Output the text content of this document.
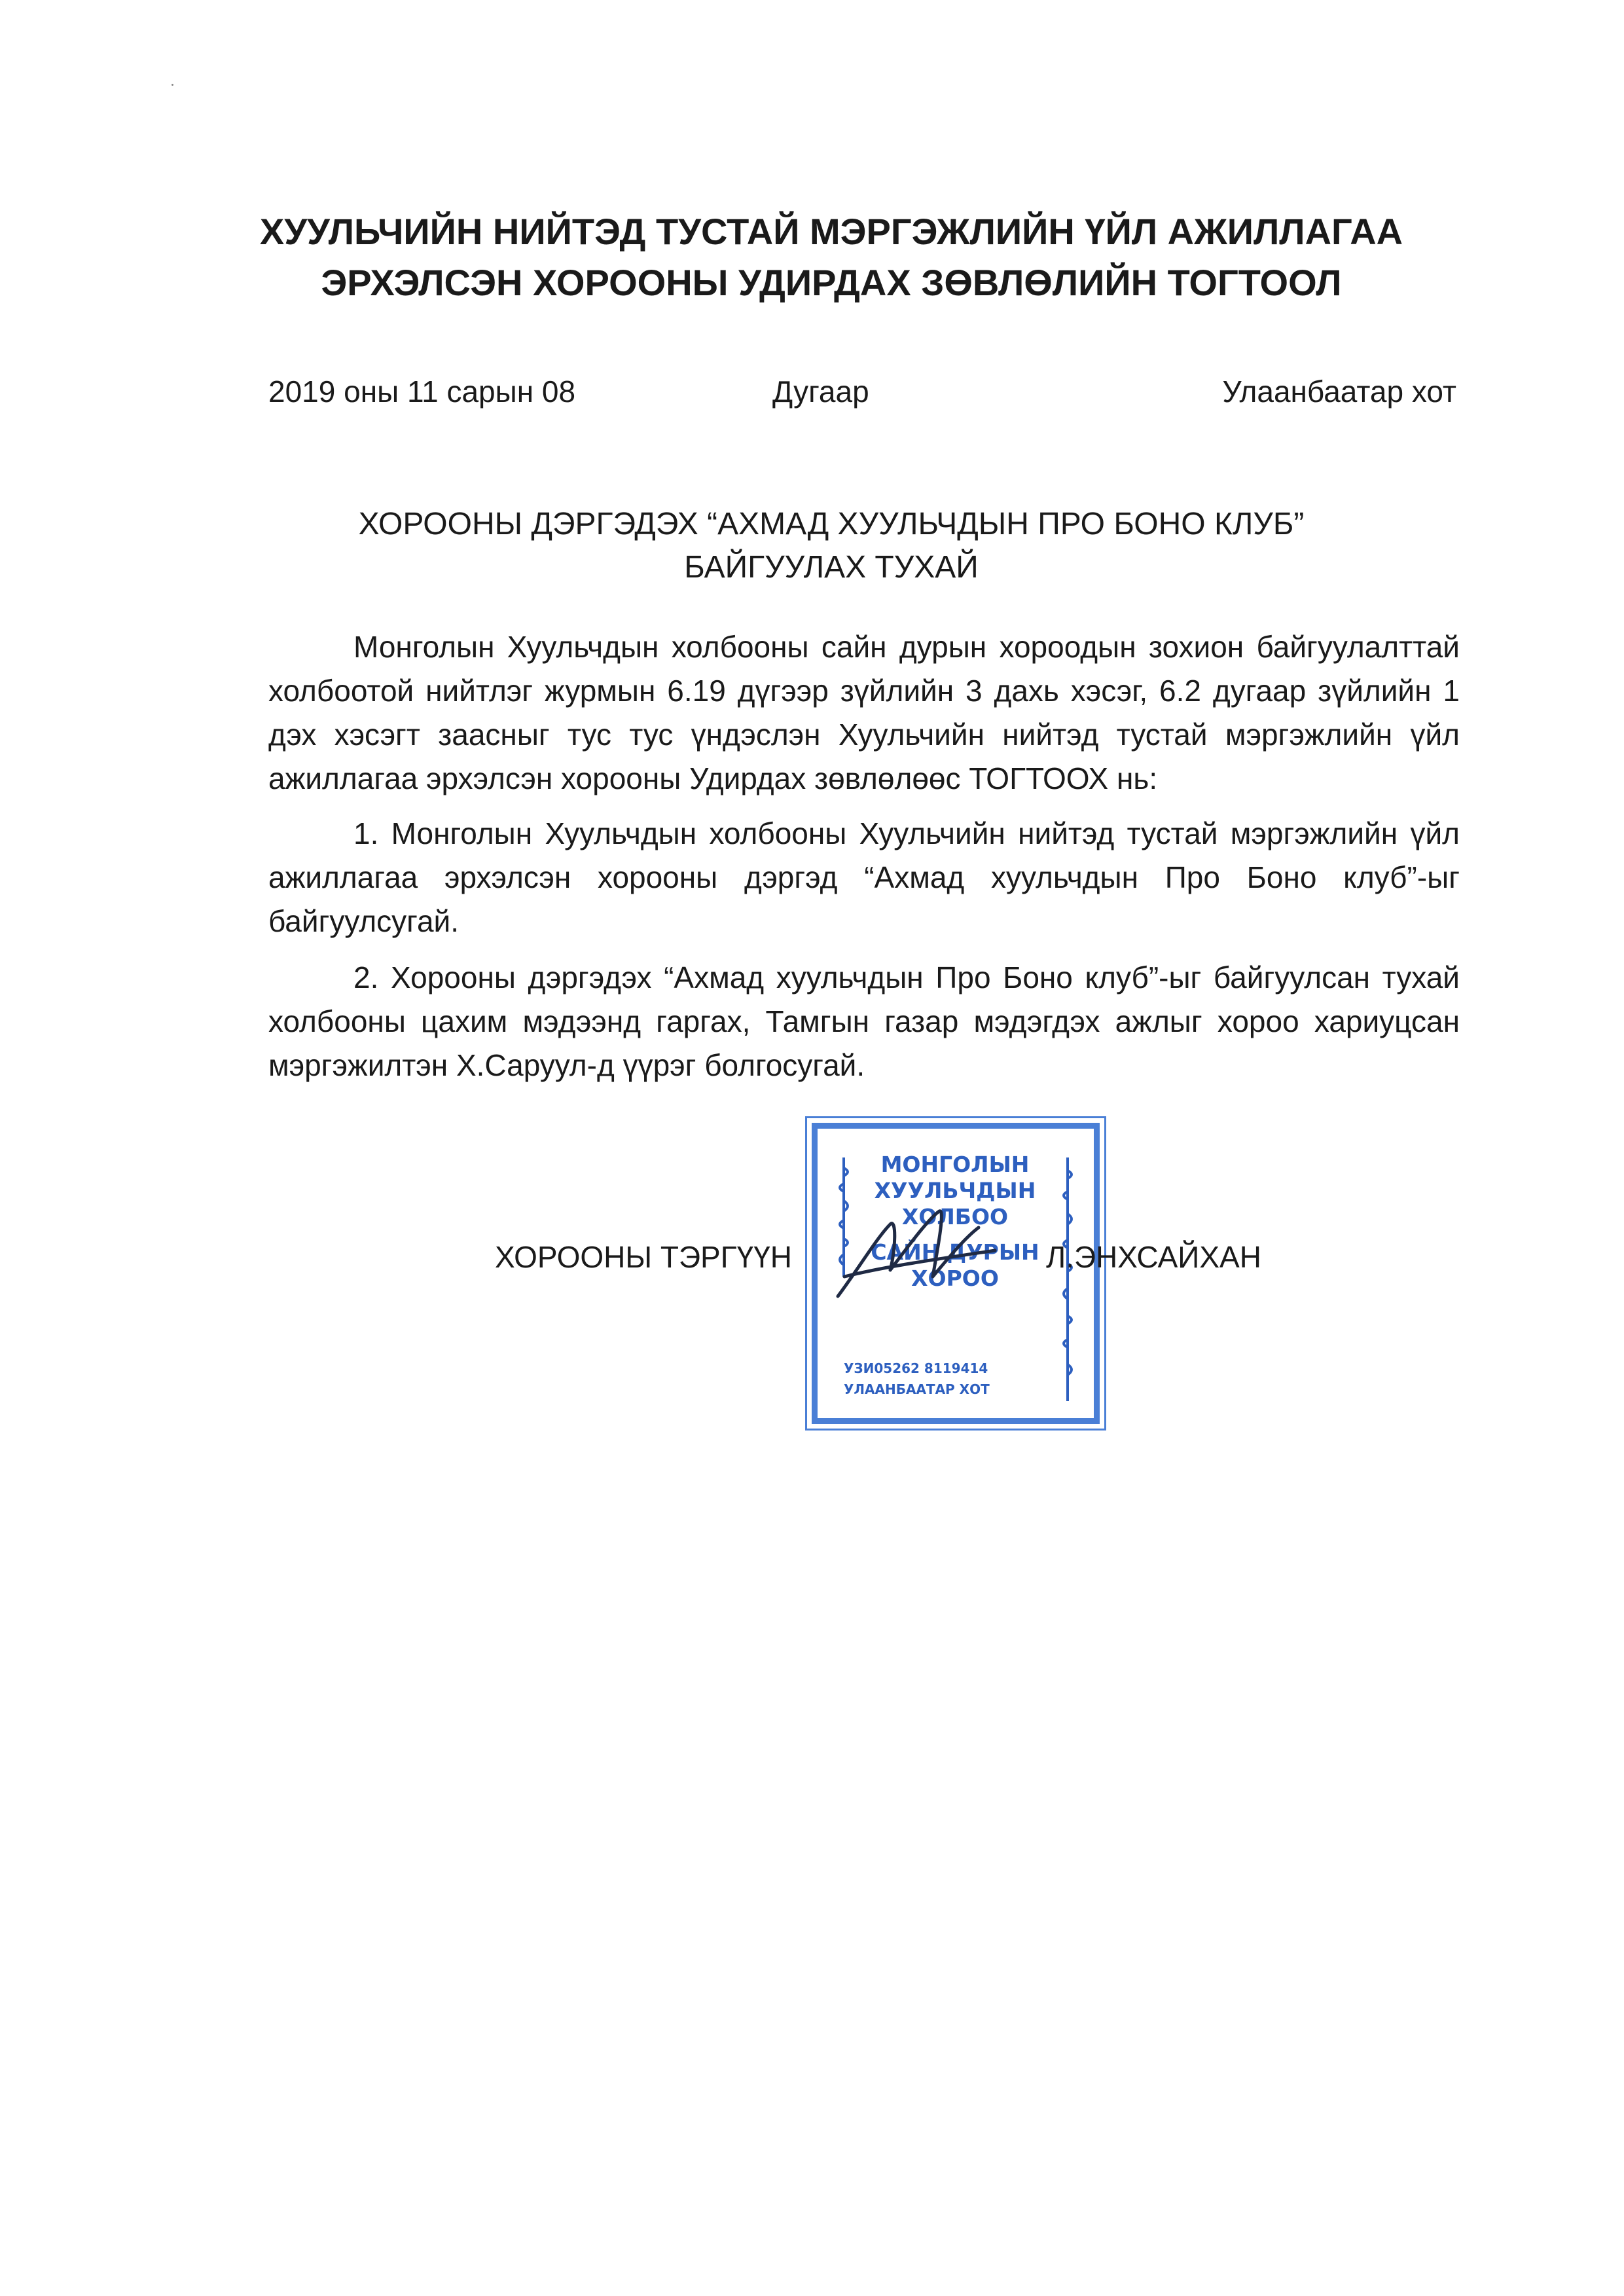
ХУУЛЬЧИЙН НИЙТЭД ТУСТАЙ МЭРГЭЖЛИЙН ҮЙЛ АЖИЛЛАГАА
ЭРХЭЛСЭН ХОРООНЫ УДИРДАХ ЗӨВЛӨЛИЙН ТОГТООЛ
2019 оны 11 сарын 08	Дугаар	Улаанбаатар хот
ХОРООНЫ ДЭРГЭДЭХ “АХМАД ХУУЛЬЧДЫН ПРО БОНО КЛУБ”
БАЙГУУЛАХ ТУХАЙ
Монголын Хуульчдын холбооны сайн дурын хороодын зохион байгуулалттай холбоотой нийтлэг журмын 6.19 дүгээр зүйлийн 3 дахь хэсэг, 6.2 дугаар зүйлийн 1 дэх хэсэгт заасныг тус тус үндэслэн Хуульчийн нийтэд тустай мэргэжлийн үйл ажиллагаа эрхэлсэн хорооны Удирдах зөвлөлөөс ТОГТООХ нь:
1. Монголын Хуульчдын холбооны Хуульчийн нийтэд тустай мэргэжлийн үйл ажиллагаа эрхэлсэн хорооны дэргэд “Ахмад хуульчдын Про Боно клуб”-ыг байгуулсугай.
2. Хорооны дэргэдэх “Ахмад хуульчдын Про Боно клуб”-ыг байгуулсан тухай холбооны цахим мэдээнд гаргах, Тамгын газар мэдэгдэх ажлыг хороо хариуцсан мэргэжилтэн Х.Саруул-д үүрэг болгосугай.
МОНГОЛЫН
ХУУЛЬЧДЫН
ХОЛБОО
САЙН ДУРЫН
ХОРОО
УЗИ05262 8119414
УЛААНБААТАР ХОТ
ХОРООНЫ ТЭРГҮҮН	Л.ЭНХСАЙХАН
